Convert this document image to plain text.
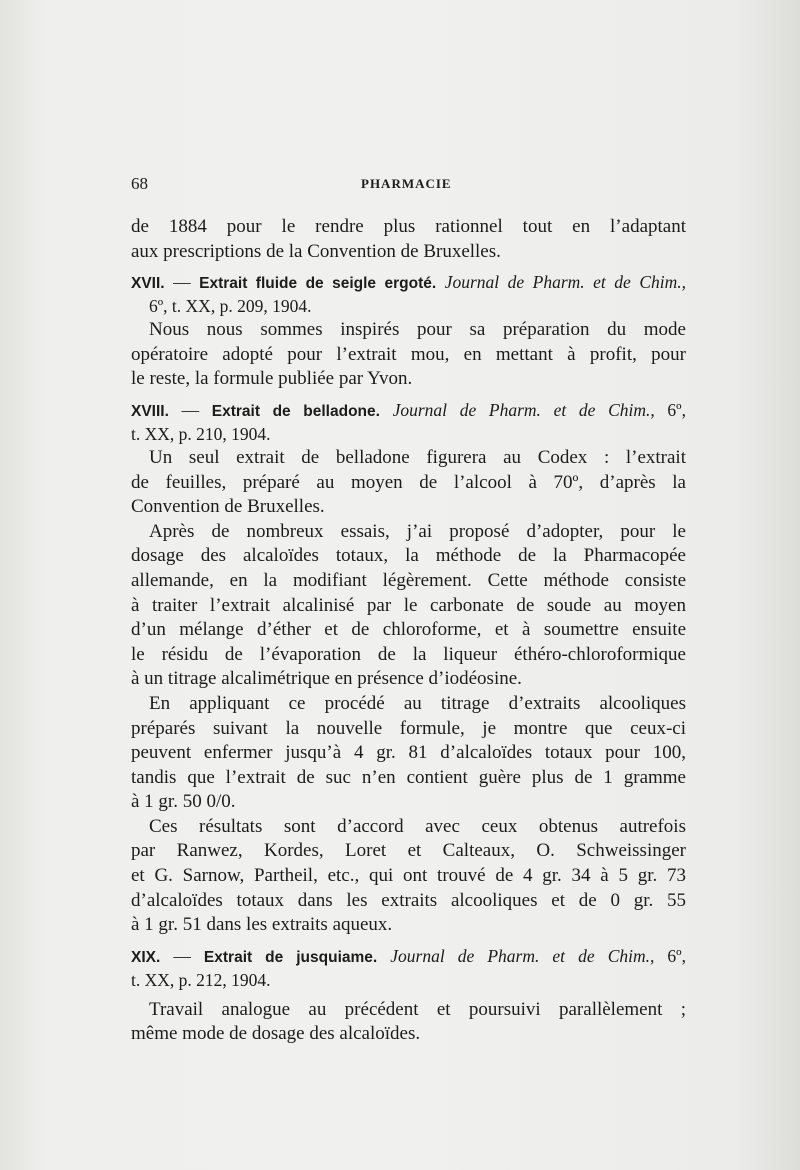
68	PHARMACIE
de 1884 pour le rendre plus rationnel tout en l’adaptant
aux prescriptions de la Convention de Bruxelles.
XVII. — Extrait fluide de seigle ergoté. Journal de Pharm. et de Chim.,
6º, t. XX, p. 209, 1904.
Nous nous sommes inspirés pour sa préparation du mode
opératoire adopté pour l’extrait mou, en mettant à profit, pour
le reste, la formule publiée par Yvon.
XVIII. — Extrait de belladone. Journal de Pharm. et de Chim., 6º,
t. XX, p. 210, 1904.
Un seul extrait de belladone figurera au Codex : l’extrait
de feuilles, préparé au moyen de l’alcool à 70º, d’après la
Convention de Bruxelles.
Après de nombreux essais, j’ai proposé d’adopter, pour le
dosage des alcaloïdes totaux, la méthode de la Pharmacopée
allemande, en la modifiant légèrement. Cette méthode consiste
à traiter l’extrait alcalinisé par le carbonate de soude au moyen
d’un mélange d’éther et de chloroforme, et à soumettre ensuite
le résidu de l’évaporation de la liqueur éthéro-chloroformique
à un titrage alcalimétrique en présence d’iodéosine.
En appliquant ce procédé au titrage d’extraits alcooliques
préparés suivant la nouvelle formule, je montre que ceux-ci
peuvent enfermer jusqu’à 4 gr. 81 d’alcaloïdes totaux pour 100,
tandis que l’extrait de suc n’en contient guère plus de 1 gramme
à 1 gr. 50 0/0.
Ces résultats sont d’accord avec ceux obtenus autrefois
par Ranwez, Kordes, Loret et Calteaux, O. Schweissinger
et G. Sarnow, Partheil, etc., qui ont trouvé de 4 gr. 34 à 5 gr. 73
d’alcaloïdes totaux dans les extraits alcooliques et de 0 gr. 55
à 1 gr. 51 dans les extraits aqueux.
XIX. — Extrait de jusquiame. Journal de Pharm. et de Chim., 6º,
t. XX, p. 212, 1904.
Travail analogue au précédent et poursuivi parallèlement ;
même mode de dosage des alcaloïdes.
